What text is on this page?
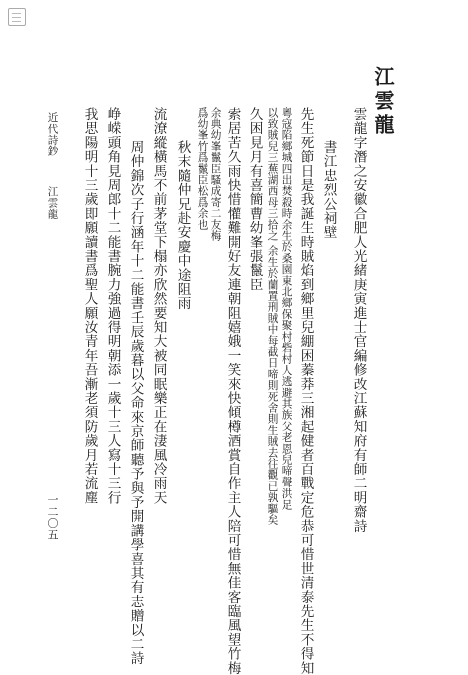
江雲龍
雲龍字潛之安徽合肥人光緒庚寅進士官編修改江蘇知府有師二明齋詩
書江忠烈公祠壁
先生死節日是我誕生時賊焰到鄉里兒綳困蓁莽三湘起健者百戰定危恭可惜世清泰先生不得知
粵寇陷鄉城四出焚殺時余生於桑園東北鄉保聚村砦村人逃避其族父老恩兒啼聲洪足
以致賊兒三蕪湖西母三拾之 余生於蘭置刑賊中每截日啼則死舍則生賊去往觀已孰驅矣
久困見月有喜簡曹幼峯張鬣臣
索居苦久雨快惜懽難開好友連朝阻嬉娥一笑來快傾樽酒賞自作主人陪可惜無佳客臨風望竹梅
余典幼峯鬣臣騷成寄二友梅
爲幼峯竹爲鬣臣松爲余也
秋末隨仲兄赴安慶中途阻雨
流潦縱橫馬不前茅堂下榻亦欣然要知大被同眠樂正在淒風冷雨天
周仲錦次子行涵年十二能書壬辰歲暮以父命來京師聽予與予開講學喜其有志贈以二詩
峥嵘頭角見周郎十二能書腕力強過得明朝添一歲十三人寫十三行
我思陽明十三歲即願讀書爲聖人願汝青年吾漸老須防歲月若流塵
近代詩鈔
江雲龍
一二〇五
